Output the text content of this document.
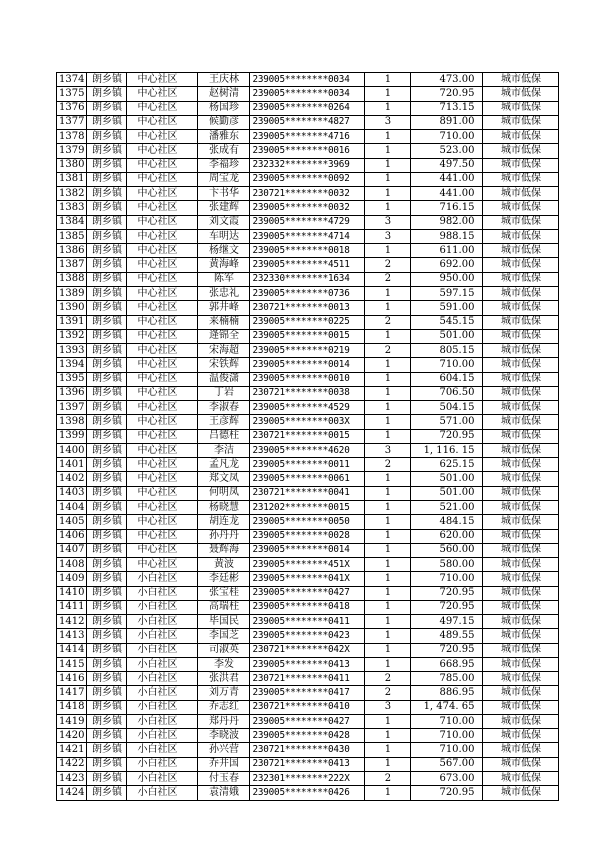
1374	朗乡镇	中心社区	王庆林	239005********0034	1	473.00	城市低保
1375	朗乡镇	中心社区	赵树清	239005********0034	1	720.95	城市低保
1376	朗乡镇	中心社区	杨国珍	239005********0264	1	713.15	城市低保
1377	朗乡镇	中心社区	候勤彦	239005********4827	3	891.00	城市低保
1378	朗乡镇	中心社区	潘雅东	239005********4716	1	710.00	城市低保
1379	朗乡镇	中心社区	张成有	239005********0016	1	523.00	城市低保
1380	朗乡镇	中心社区	李福珍	232332********3969	1	497.50	城市低保
1381	朗乡镇	中心社区	周宝龙	239005********0092	1	441.00	城市低保
1382	朗乡镇	中心社区	卞书华	230721********0032	1	441.00	城市低保
1383	朗乡镇	中心社区	张建辉	239005********0032	1	716.15	城市低保
1384	朗乡镇	中心社区	刘文霞	239005********4729	3	982.00	城市低保
1385	朗乡镇	中心社区	车明达	239005********4714	3	988.15	城市低保
1386	朗乡镇	中心社区	杨继文	239005********0018	1	611.00	城市低保
1387	朗乡镇	中心社区	黄海峰	239005********4511	2	692.00	城市低保
1388	朗乡镇	中心社区	陈军	232330********1634	2	950.00	城市低保
1389	朗乡镇	中心社区	张忠礼	239005********0736	1	597.15	城市低保
1390	朗乡镇	中心社区	郭井峰	230721********0013	1	591.00	城市低保
1391	朗乡镇	中心社区	来楠楠	239005********0225	2	545.15	城市低保
1392	朗乡镇	中心社区	逄锦全	239005********0015	1	501.00	城市低保
1393	朗乡镇	中心社区	宋海超	239005********0219	2	805.15	城市低保
1394	朗乡镇	中心社区	宋铁辉	239005********0014	1	710.00	城市低保
1395	朗乡镇	中心社区	温俊潇	239005********0010	1	604.15	城市低保
1396	朗乡镇	中心社区	丁岩	230721********0038	1	706.50	城市低保
1397	朗乡镇	中心社区	李淑春	239005********4529	1	504.15	城市低保
1398	朗乡镇	中心社区	王彦辉	239005********003X	1	571.00	城市低保
1399	朗乡镇	中心社区	吕德柱	230721********0015	1	720.95	城市低保
1400	朗乡镇	中心社区	李洁	239005********4620	3	1, 116. 15	城市低保
1401	朗乡镇	中心社区	孟凡龙	239005********0011	2	625.15	城市低保
1402	朗乡镇	中心社区	郑文凤	239005********0061	1	501.00	城市低保
1403	朗乡镇	中心社区	何明凤	230721********0041	1	501.00	城市低保
1404	朗乡镇	中心社区	杨晓慧	231202********0015	1	521.00	城市低保
1405	朗乡镇	中心社区	胡连龙	239005********0050	1	484.15	城市低保
1406	朗乡镇	中心社区	孙丹丹	239005********0028	1	620.00	城市低保
1407	朗乡镇	中心社区	聂辉海	239005********0014	1	560.00	城市低保
1408	朗乡镇	中心社区	黄波	239005********451X	1	580.00	城市低保
1409	朗乡镇	小白社区	李廷彬	239005********041X	1	710.00	城市低保
1410	朗乡镇	小白社区	张宝桂	239005********0427	1	720.95	城市低保
1411	朗乡镇	小白社区	高瑞柱	239005********0418	1	720.95	城市低保
1412	朗乡镇	小白社区	毕国民	239005********0411	1	497.15	城市低保
1413	朗乡镇	小白社区	李国芝	239005********0423	1	489.55	城市低保
1414	朗乡镇	小白社区	司淑英	230721********042X	1	720.95	城市低保
1415	朗乡镇	小白社区	李发	239005********0413	1	668.95	城市低保
1416	朗乡镇	小白社区	张洪君	230721********0411	2	785.00	城市低保
1417	朗乡镇	小白社区	刘万青	239005********0417	2	886.95	城市低保
1418	朗乡镇	小白社区	乔志红	230721********0410	3	1, 474. 65	城市低保
1419	朗乡镇	小白社区	郑丹丹	239005********0427	1	710.00	城市低保
1420	朗乡镇	小白社区	李晓波	239005********0428	1	710.00	城市低保
1421	朗乡镇	小白社区	孙兴营	230721********0430	1	710.00	城市低保
1422	朗乡镇	小白社区	乔井国	230721********0413	1	567.00	城市低保
1423	朗乡镇	小白社区	付玉春	232301********222X	2	673.00	城市低保
1424	朗乡镇	小白社区	袁清娥	239005********0426	1	720.95	城市低保
